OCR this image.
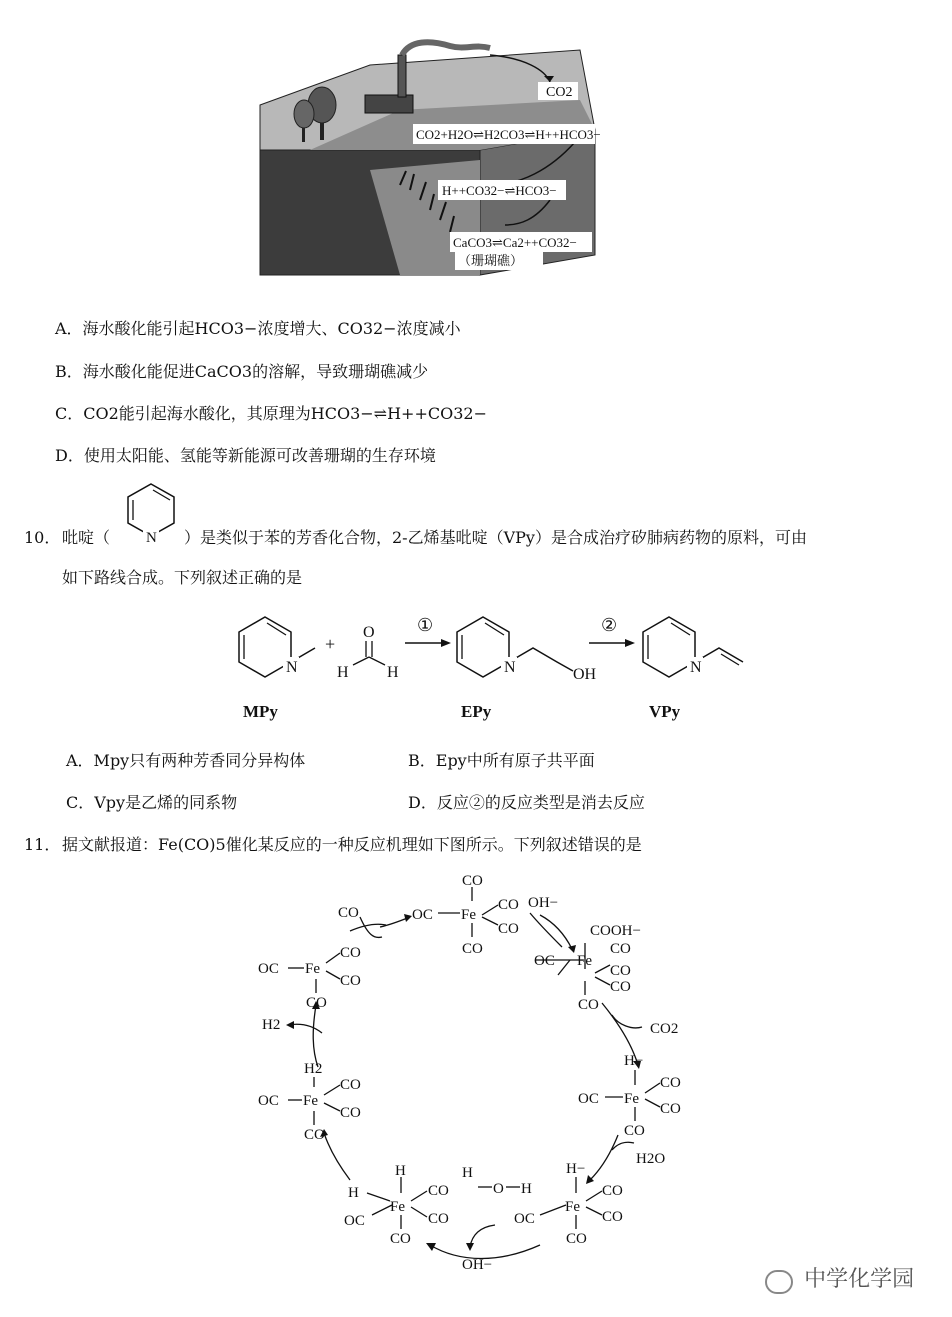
CO2
CO2+H2O⇌H2CO3⇌H++HCO3−
H++CO32−⇌HCO3−
CaCO3⇌Ca2++CO32−
（珊瑚礁）
A．海水酸化能引起HCO3−浓度增大、CO32−浓度减小
B．海水酸化能促进CaCO3的溶解，导致珊瑚礁减少
C．CO2能引起海水酸化，其原理为HCO3−⇌H++CO32−
D．使用太阳能、氢能等新能源可改善珊瑚的生存环境
10． 吡啶（ N ）是类似于苯的芳香化合物，2-乙烯基吡啶（VPy）是合成治疗矽肺病药物的原料，可由
如下路线合成。下列叙述正确的是
N
MPy
+
O
H H
①
N	OH
EPy
②
N
VPy
A．Mpy只有两种芳香同分异构体	B．Epy中所有原子共平面
C．Vpy是乙烯的同系物	D．反应②的反应类型是消去反应
11． 据文献报道：Fe(CO)5催化某反应的一种反应机理如下图所示。下列叙述错误的是
OC Fe
CO
CO
CO
CO
CO
OH−
COOH−
OC Fe
CO
CO
CO
CO
CO2
H−
OC Fe
CO
CO
CO
H2O
H−
OC
Fe
CO
CO
CO
H
O H
OH−
H
H
OC
Fe
CO
CO
CO
H2
OC Fe
CO
CO
CO
H2
OC Fe
CO
CO
CO
中学化学园
